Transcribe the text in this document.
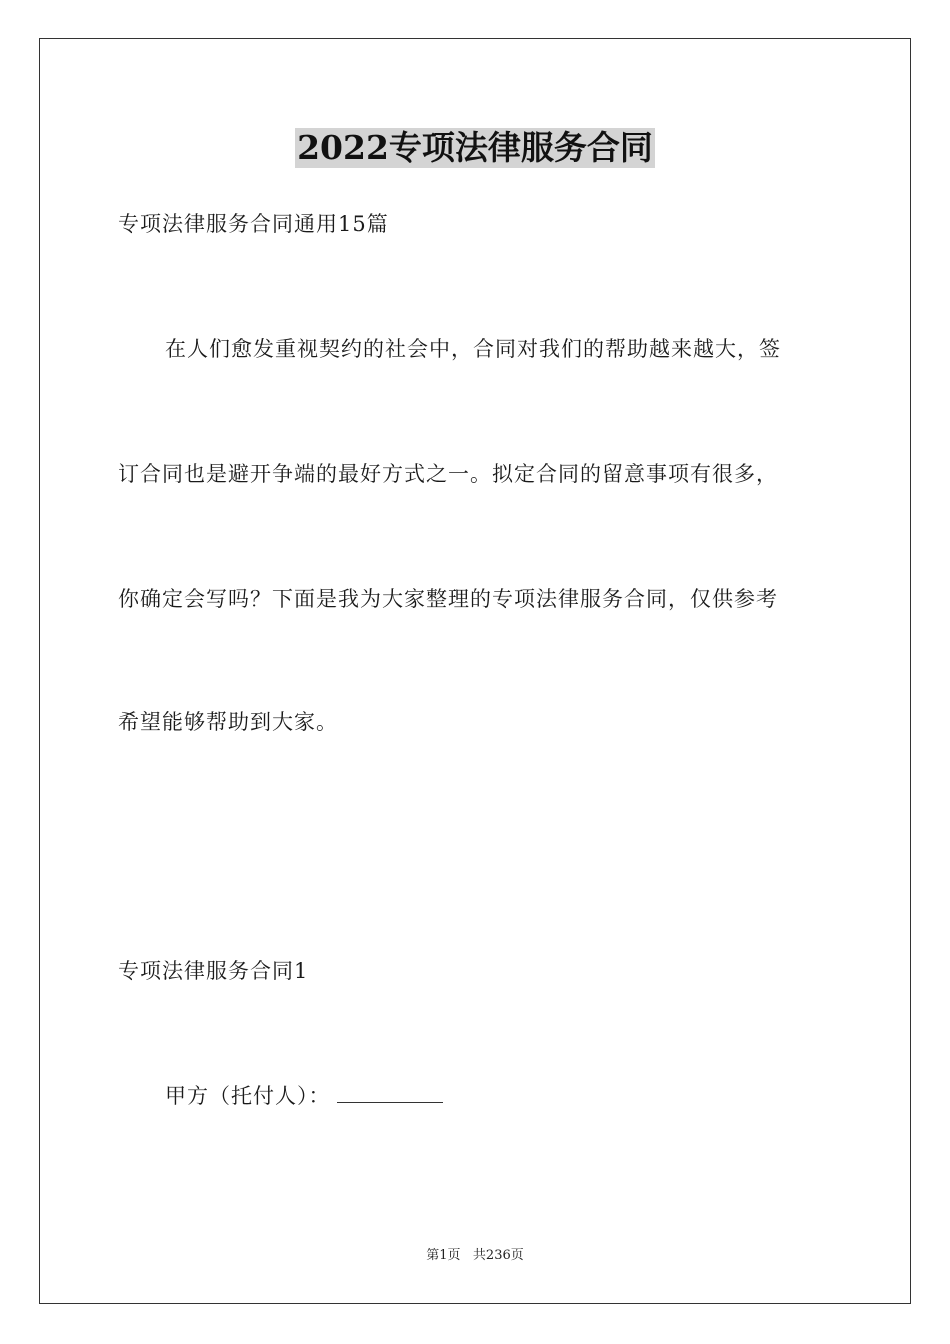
2022专项法律服务合同
专项法律服务合同通用15篇
在人们愈发重视契约的社会中，合同对我们的帮助越来越大，签
订合同也是避开争端的最好方式之一。拟定合同的留意事项有很多，
你确定会写吗？下面是我为大家整理的专项法律服务合同，仅供参考
希望能够帮助到大家。
专项法律服务合同1
甲方（托付人）：
第1页 共236页
